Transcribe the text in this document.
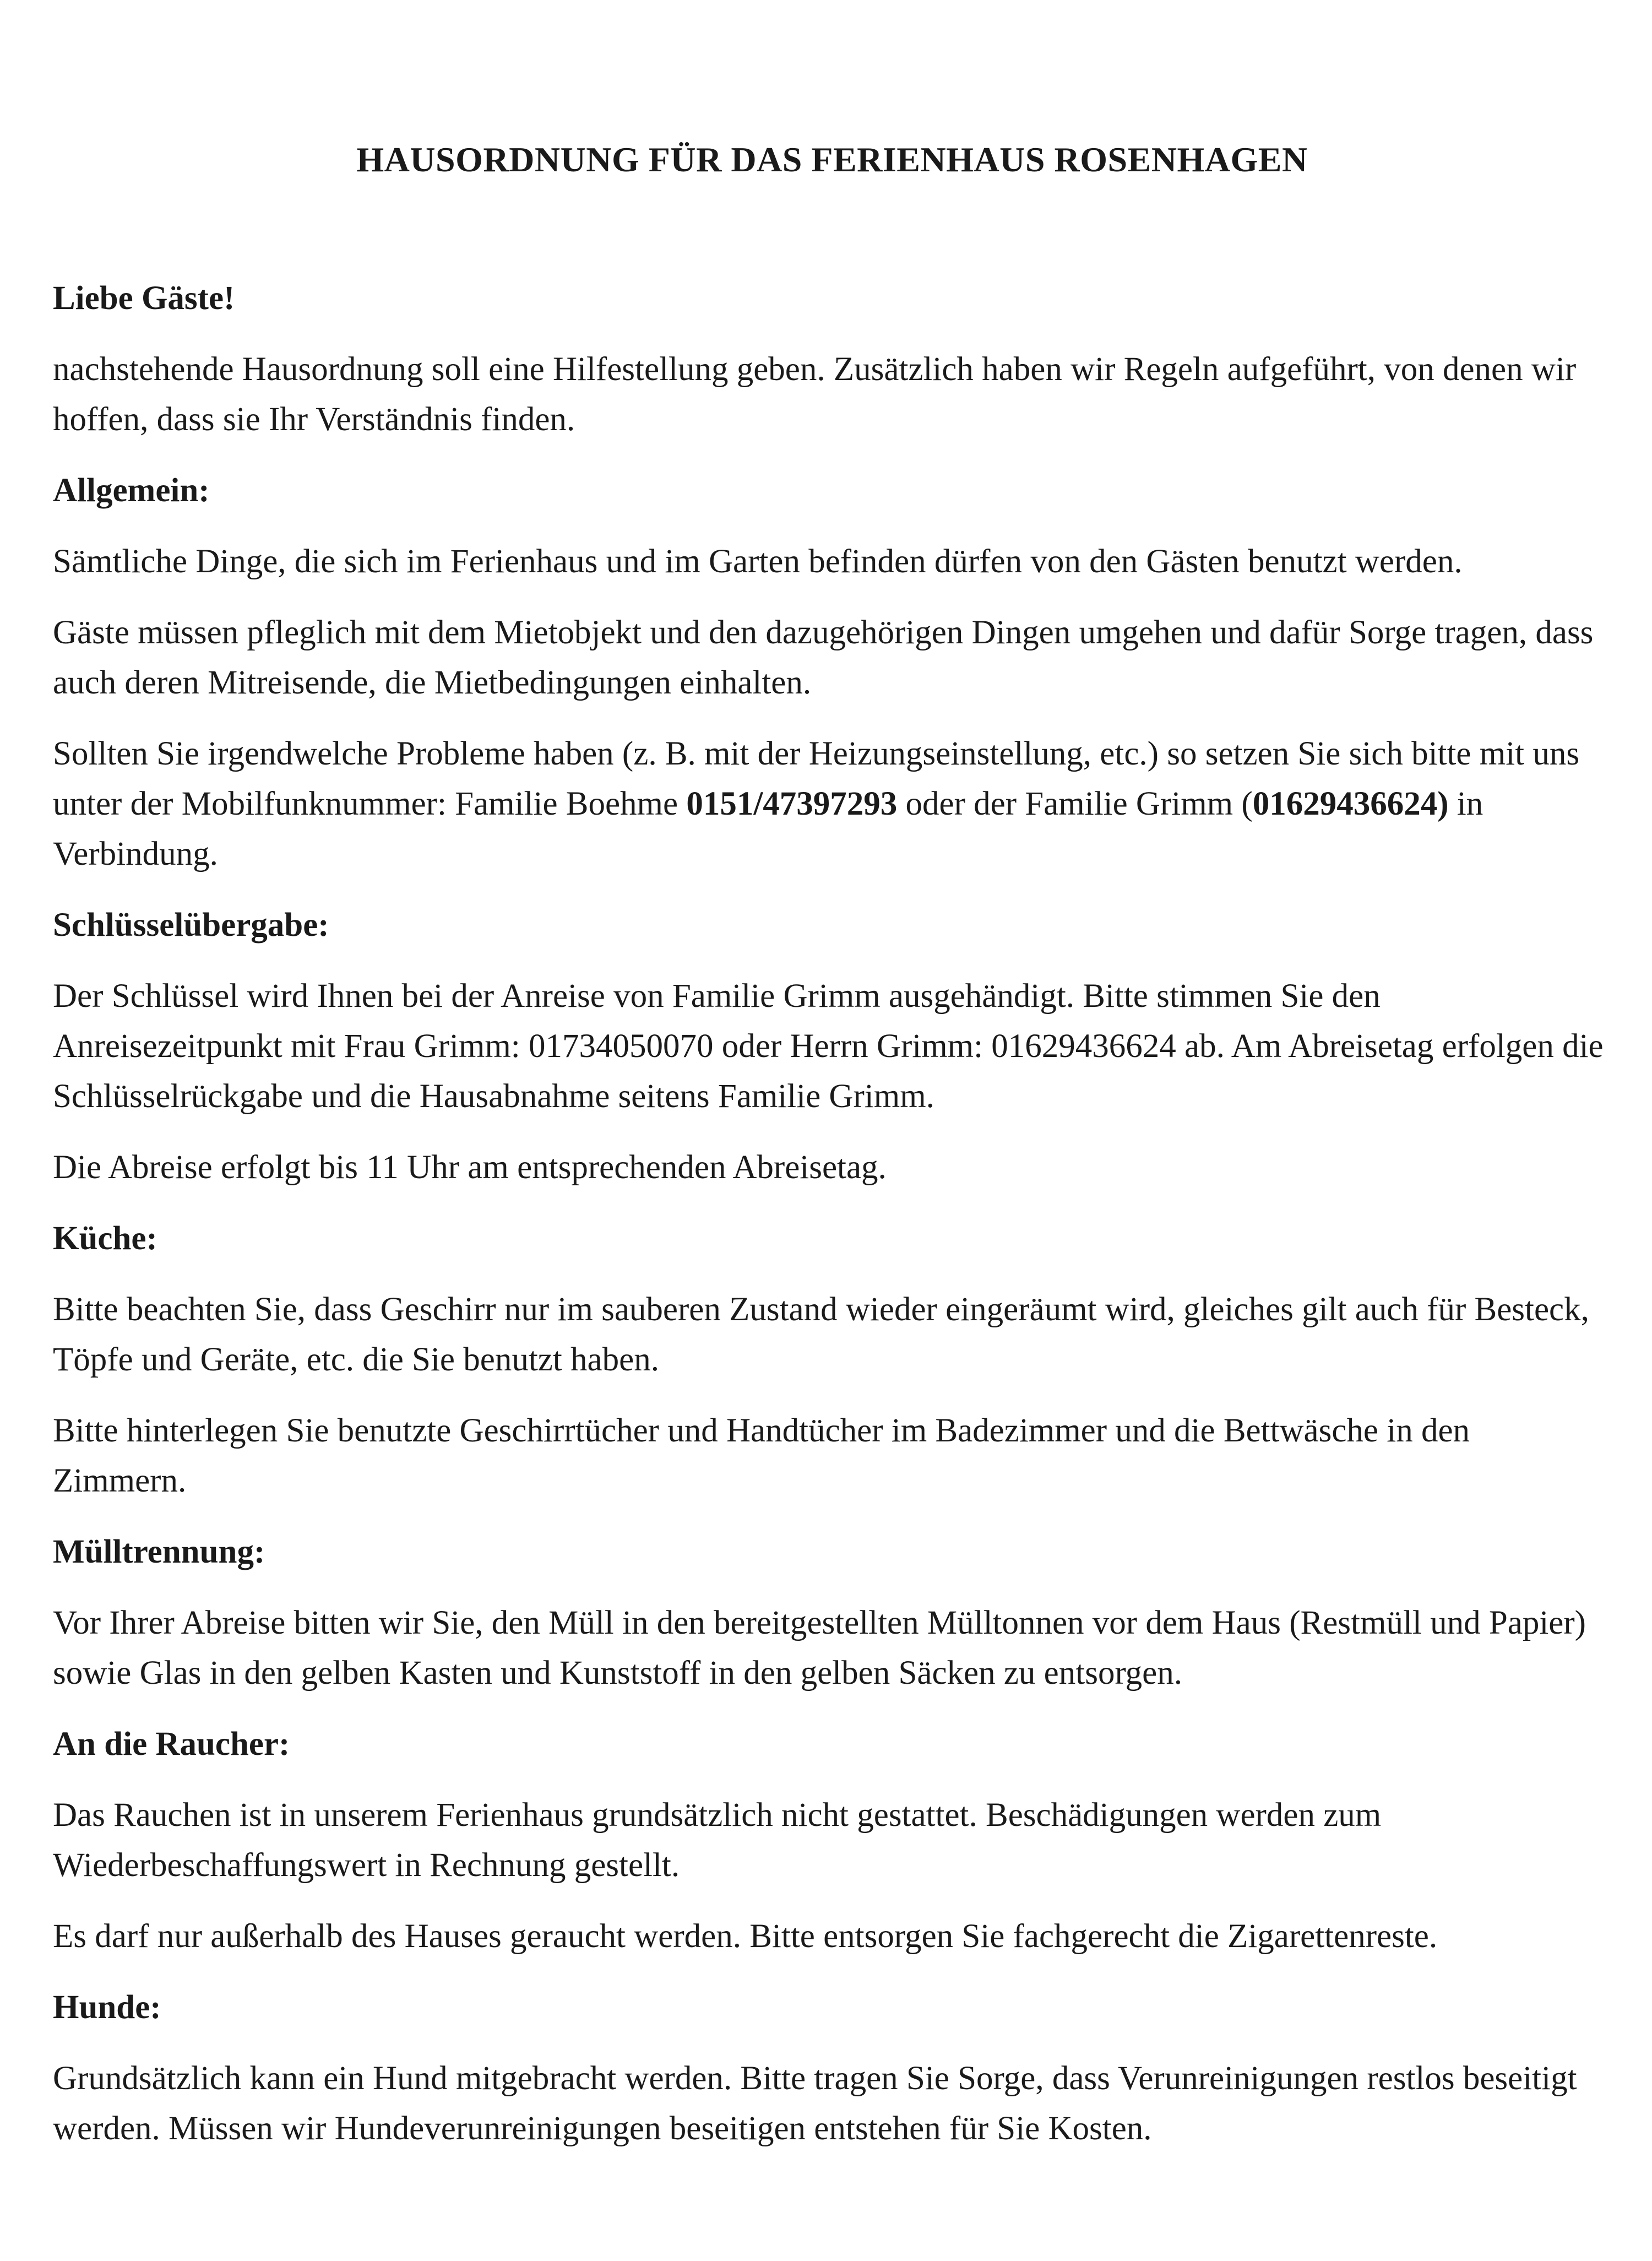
HAUSORDNUNG FÜR DAS FERIENHAUS ROSENHAGEN

Liebe Gäste!

nachstehende Hausordnung soll eine Hilfestellung geben. Zusätzlich haben wir Regeln aufgeführt, von denen wir hoffen, dass sie Ihr Verständnis finden.

Allgemein:

Sämtliche Dinge, die sich im Ferienhaus und im Garten befinden dürfen von den Gästen benutzt werden.

Gäste müssen pfleglich mit dem Mietobjekt und den dazugehörigen Dingen umgehen und dafür Sorge tragen, dass auch deren Mitreisende, die Mietbedingungen einhalten.

Sollten Sie irgendwelche Probleme haben (z. B. mit der Heizungseinstellung, etc.) so setzen Sie sich bitte mit uns unter der Mobilfunknummer: Familie Boehme 0151/47397293 oder der Familie Grimm (01629436624) in Verbindung.

Schlüsselübergabe:

Der Schlüssel wird Ihnen bei der Anreise von Familie Grimm ausgehändigt. Bitte stimmen Sie den Anreisezeitpunkt mit Frau Grimm: 01734050070 oder Herrn Grimm: 01629436624 ab. Am Abreisetag erfolgen die Schlüsselrückgabe und die Hausabnahme seitens Familie Grimm.

Die Abreise erfolgt bis 11 Uhr am entsprechenden Abreisetag.

Küche:

Bitte beachten Sie, dass Geschirr nur im sauberen Zustand wieder eingeräumt wird, gleiches gilt auch für Besteck, Töpfe und Geräte, etc. die Sie benutzt haben.

Bitte hinterlegen Sie benutzte Geschirrtücher und Handtücher im Badezimmer und die Bettwäsche in den Zimmern.

Mülltrennung:

Vor Ihrer Abreise bitten wir Sie, den Müll in den bereitgestellten Mülltonnen vor dem Haus (Restmüll und Papier) sowie Glas in den gelben Kasten und Kunststoff in den gelben Säcken zu entsorgen.

An die Raucher:

Das Rauchen ist in unserem Ferienhaus grundsätzlich nicht gestattet. Beschädigungen werden zum Wiederbeschaffungswert in Rechnung gestellt.

Es darf nur außerhalb des Hauses geraucht werden. Bitte entsorgen Sie fachgerecht die Zigarettenreste.

Hunde:

Grundsätzlich kann ein Hund mitgebracht werden. Bitte tragen Sie Sorge, dass Verunreinigungen restlos beseitigt werden. Müssen wir Hundeverunreinigungen beseitigen entstehen für Sie Kosten.
